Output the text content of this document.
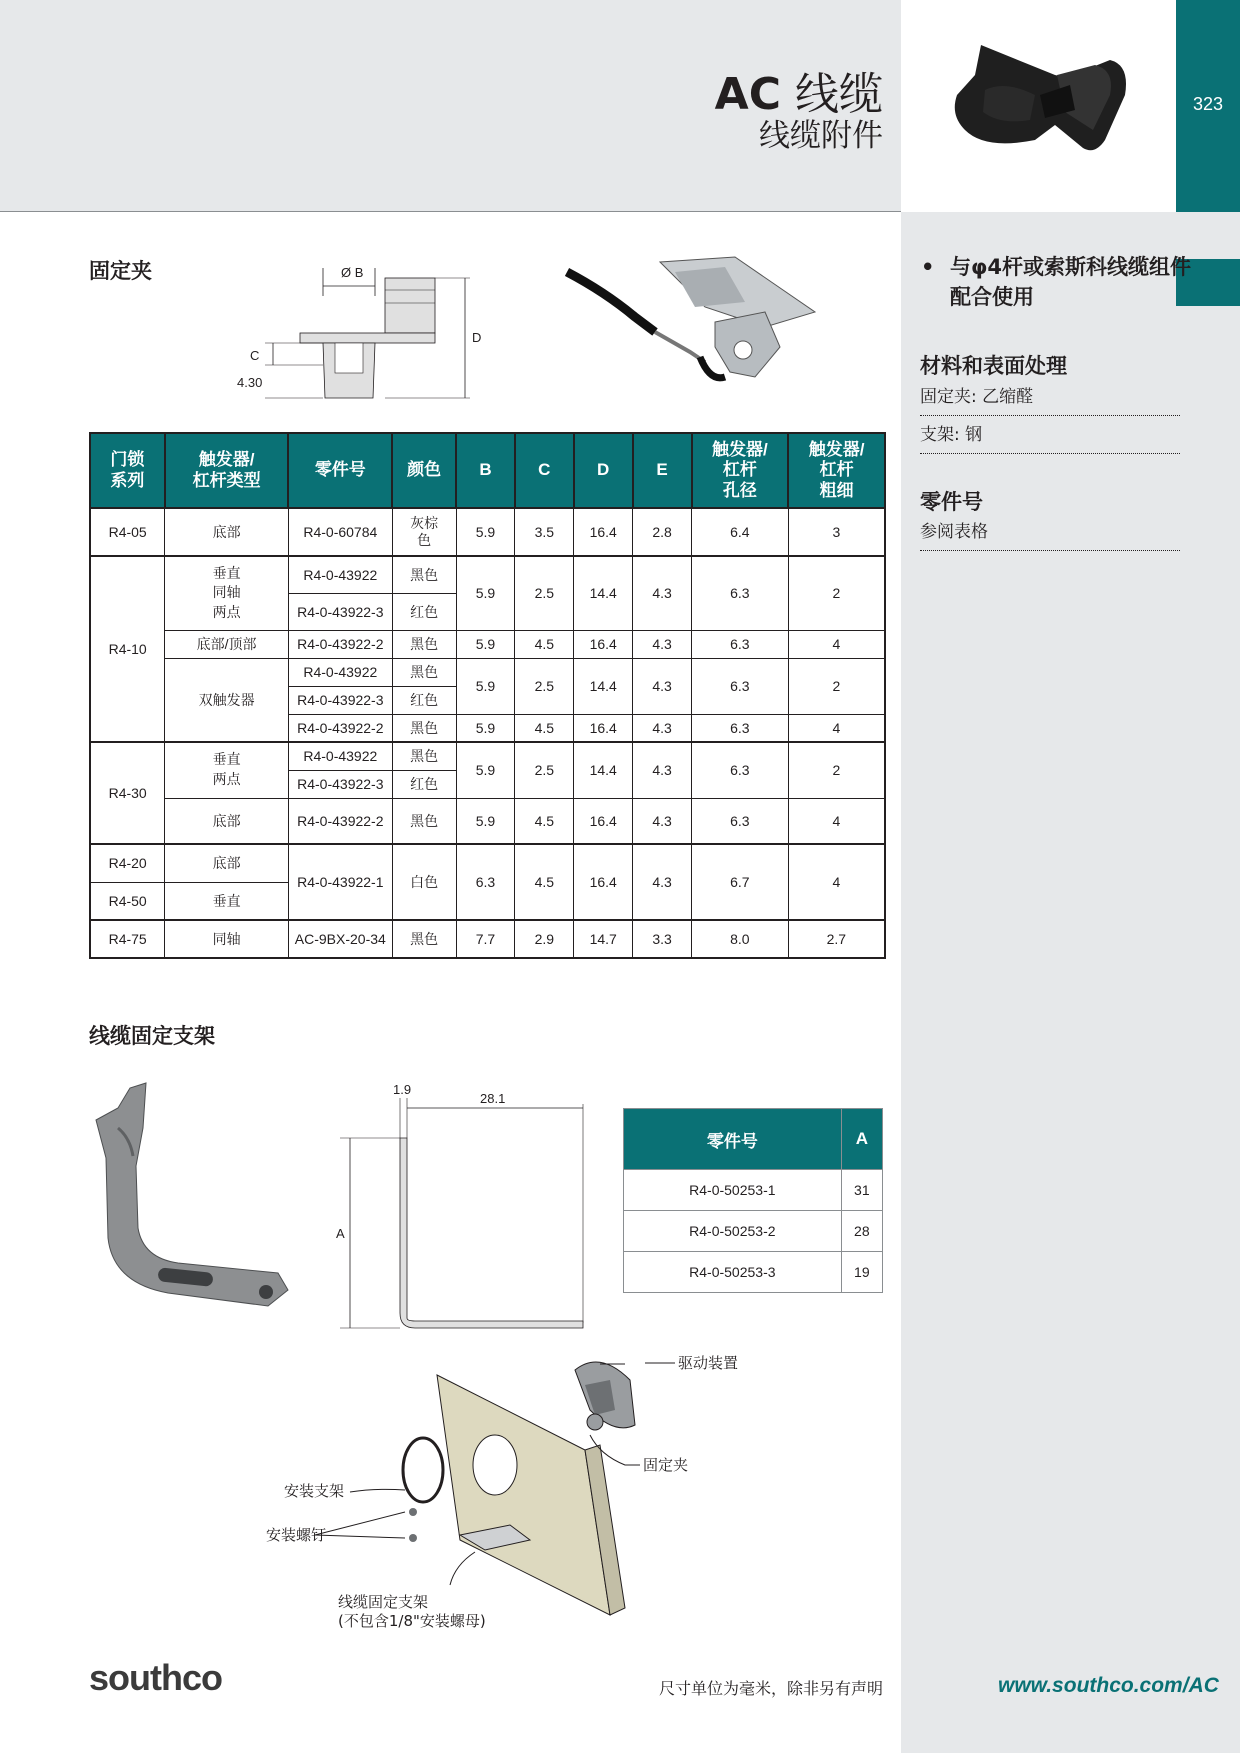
AC 线缆
线缆附件
323
固定夹	Ø B
D
C
4.30
门锁
系列	触发器/
杠杆类型	零件号	颜色	B	C	D	E	触发器/
杠杆
孔径	触发器/
杠杆
粗细
R4-05	底部	R4-0-60784	灰棕
色	5.9	3.5	16.4	2.8	6.4	3
R4-10	垂直
同轴
两点	R4-0-43922	黑色	5.9	2.5	14.4	4.3	6.3	2
		R4-0-43922-3	红色						
	底部/顶部	R4-0-43922-2	黑色	5.9	4.5	16.4	4.3	6.3	4
	双触发器	R4-0-43922	黑色	5.9	2.5	14.4	4.3	6.3	2
		R4-0-43922-3	红色						
		R4-0-43922-2	黑色	5.9	4.5	16.4	4.3	6.3	4

R4-30	垂直
两点	R4-0-43922	黑色	5.9	2.5	14.4	4.3	6.3	2
		R4-0-43922-3	红色						
	底部	R4-0-43922-2	黑色	5.9	4.5	16.4	4.3	6.3	4
R4-20	底部	R4-0-43922-1	白色	6.3	4.5	16.4	4.3	6.7	4
R4-50	垂直								
R4-75	同轴	AC-9BX-20-34	黑色	7.7	2.9	14.7	3.3	8.0	2.7
线缆固定支架
1.9
28.1
A
零件号	A
R4-0-50253-1	31
R4-0-50253-2	28
R4-0-50253-3	19
驱动装置
固定夹
安装支架
安装螺钉
线缆固定支架
(不包含1/8"安装螺母)
• 与φ4杆或索斯科线缆组件配合使用
材料和表面处理
固定夹: 乙缩醛
支架: 钢
零件号
参阅表格
southco	尺寸单位为毫米，除非另有声明	www.southco.com/AC
